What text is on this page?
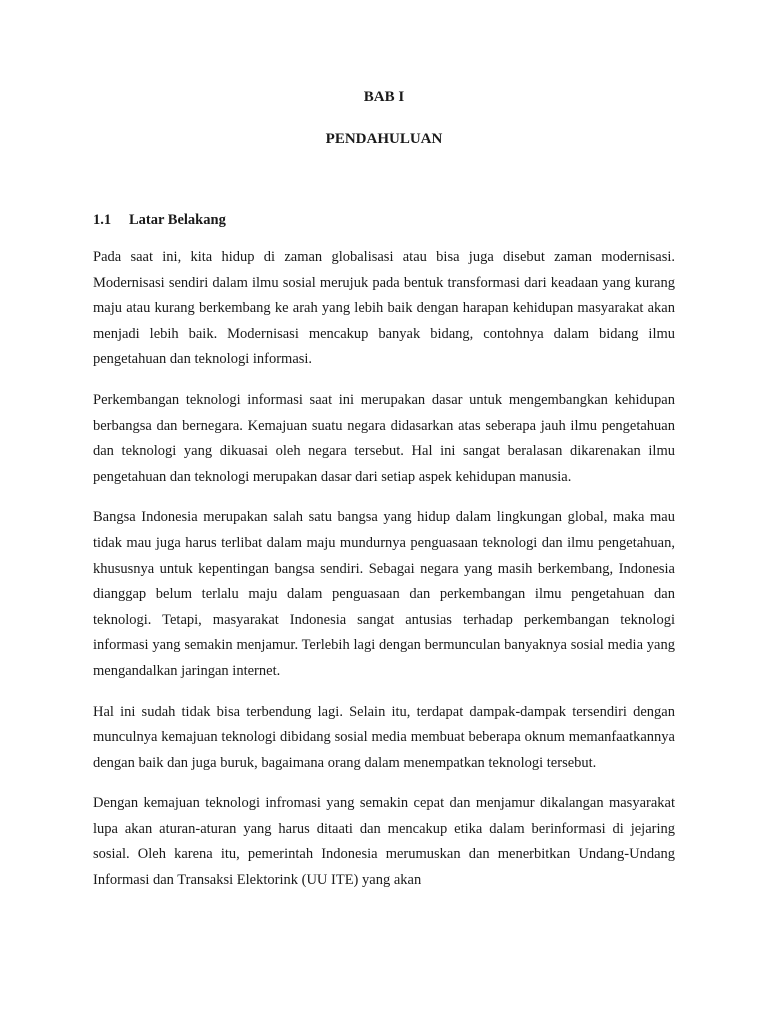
BAB I
PENDAHULUAN
1.1 Latar Belakang

Pada saat ini, kita hidup di zaman globalisasi atau bisa juga disebut zaman modernisasi. Modernisasi sendiri dalam ilmu sosial merujuk pada bentuk transformasi dari keadaan yang kurang maju atau kurang berkembang ke arah yang lebih baik dengan harapan kehidupan masyarakat akan menjadi lebih baik. Modernisasi mencakup banyak bidang, contohnya dalam bidang ilmu pengetahuan dan teknologi informasi.

Perkembangan teknologi informasi saat ini merupakan dasar untuk mengembangkan kehidupan berbangsa dan bernegara. Kemajuan suatu negara didasarkan atas seberapa jauh ilmu pengetahuan dan teknologi yang dikuasai oleh negara tersebut. Hal ini sangat beralasan dikarenakan ilmu pengetahuan dan teknologi merupakan dasar dari setiap aspek kehidupan manusia.

Bangsa Indonesia merupakan salah satu bangsa yang hidup dalam lingkungan global, maka mau tidak mau juga harus terlibat dalam maju mundurnya penguasaan teknologi dan ilmu pengetahuan, khususnya untuk kepentingan bangsa sendiri. Sebagai negara yang masih berkembang, Indonesia dianggap belum terlalu maju dalam penguasaan dan perkembangan ilmu pengetahuan dan teknologi. Tetapi, masyarakat Indonesia sangat antusias terhadap perkembangan teknologi informasi yang semakin menjamur. Terlebih lagi dengan bermunculan banyaknya sosial media yang mengandalkan jaringan internet.

Hal ini sudah tidak bisa terbendung lagi. Selain itu, terdapat dampak-dampak tersendiri dengan munculnya kemajuan teknologi dibidang sosial media membuat beberapa oknum memanfaatkannya dengan baik dan juga buruk, bagaimana orang dalam menempatkan teknologi tersebut.

Dengan kemajuan teknologi infromasi yang semakin cepat dan menjamur dikalangan masyarakat lupa akan aturan-aturan yang harus ditaati dan mencakup etika dalam berinformasi di jejaring sosial. Oleh karena itu, pemerintah Indonesia merumuskan dan menerbitkan Undang-Undang Informasi dan Transaksi Elektorink (UU ITE) yang akan
